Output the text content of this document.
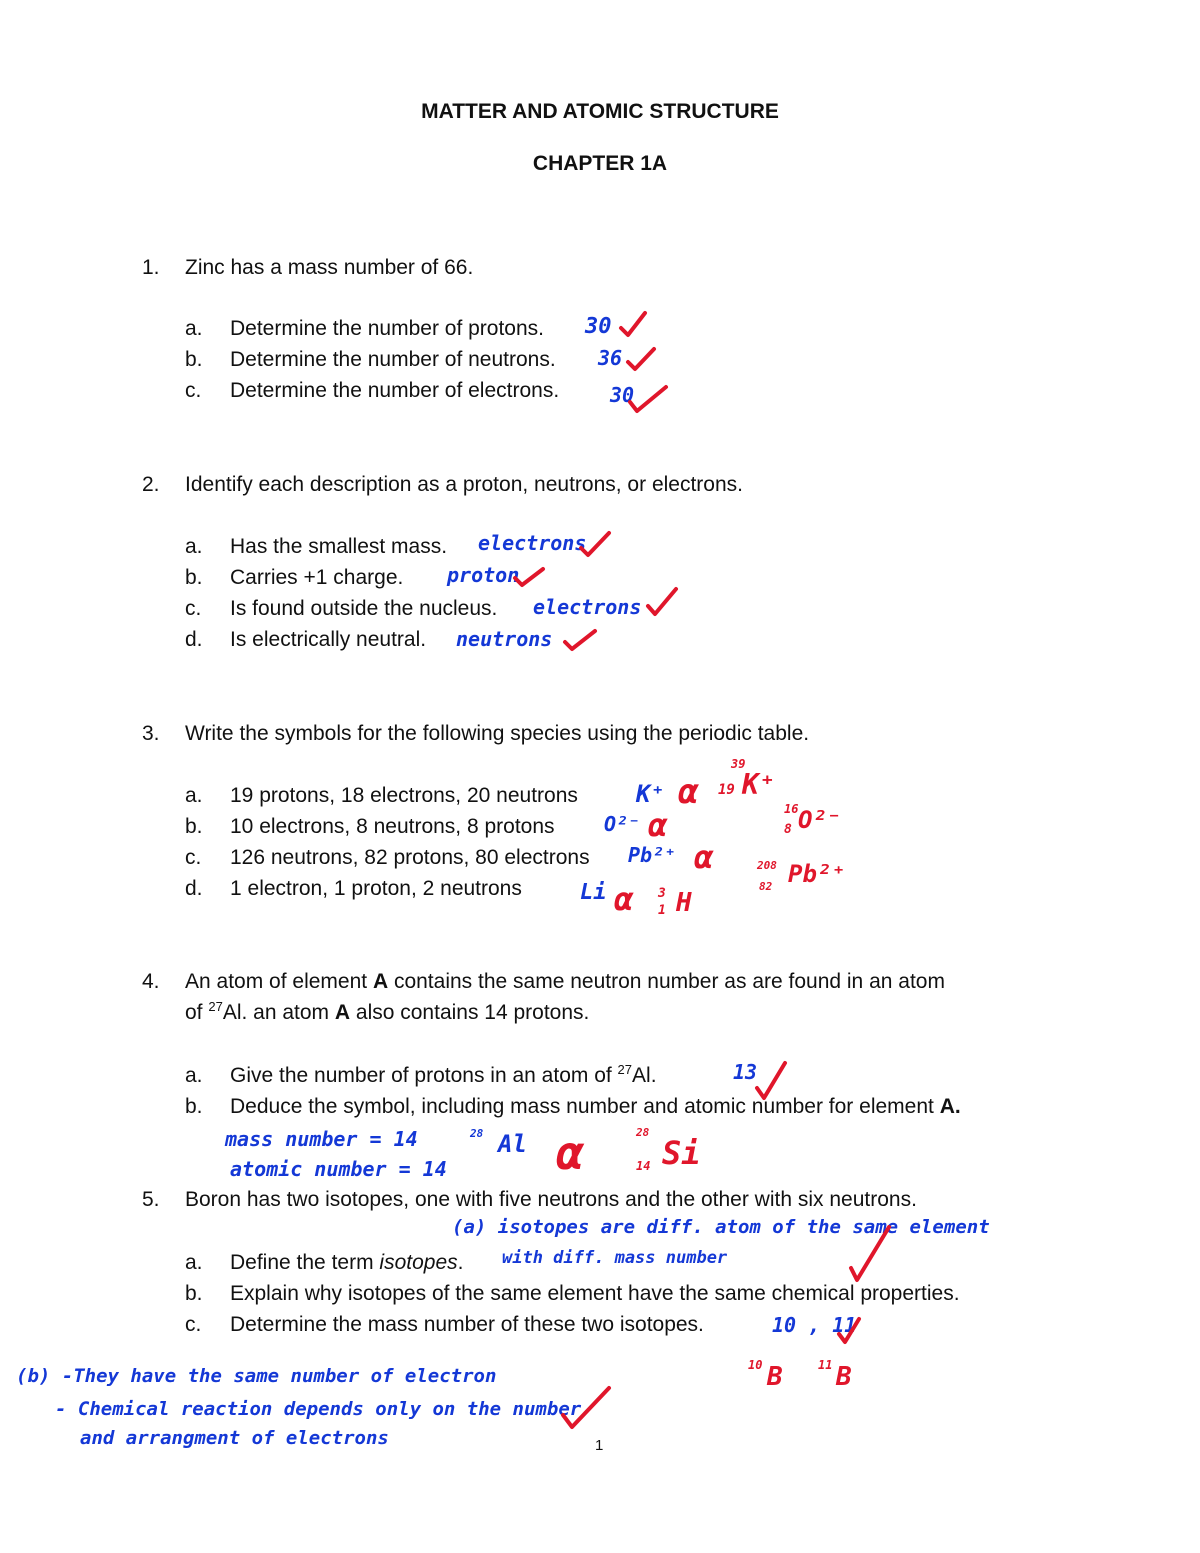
MATTER AND ATOMIC STRUCTURE
CHAPTER 1A
1. Zinc has a mass number of 66.
a. Determine the number of protons.
b. Determine the number of neutrons.
c. Determine the number of electrons.
30
36
30
2. Identify each description as a proton, neutrons, or electrons.
a. Has the smallest mass.
b. Carries +1 charge.
c. Is found outside the nucleus.
d. Is electrically neutral.
electrons
proton
electrons
neutrons
3. Write the symbols for the following species using the periodic table.
a. 19 protons, 18 electrons, 20 neutrons
b. 10 electrons, 8 neutrons, 8 protons
c. 126 neutrons, 82 protons, 80 electrons
d. 1 electron, 1 proton, 2 neutrons
K⁺
O²⁻
Pb²⁺
Li
α
α
α
α
39
19 K⁺
16
8 O²⁻
208
82 Pb²⁺
3
1 H
4. An atom of element A contains the same neutron number as are found in an atom
of $^{27}$Al. an atom A also contains 14 protons.
a. Give the number of protons in an atom of $^{27}$Al.
b. Deduce the symbol, including mass number and atomic number for element A.
13
mass number = 14
atomic number = 14
28 Al α	28
14 Si
5. Boron has two isotopes, one with five neutrons and the other with six neutrons.
a. Define the term isotopes.
b. Explain why isotopes of the same element have the same chemical properties.
c. Determine the mass number of these two isotopes.
(a) isotopes are diff. atom of the same element
with diff. mass number
10 , 11
10 B	11 B
(b) -They have the same number of electron
- Chemical reaction depends only on the number
and arrangment of electrons	1
